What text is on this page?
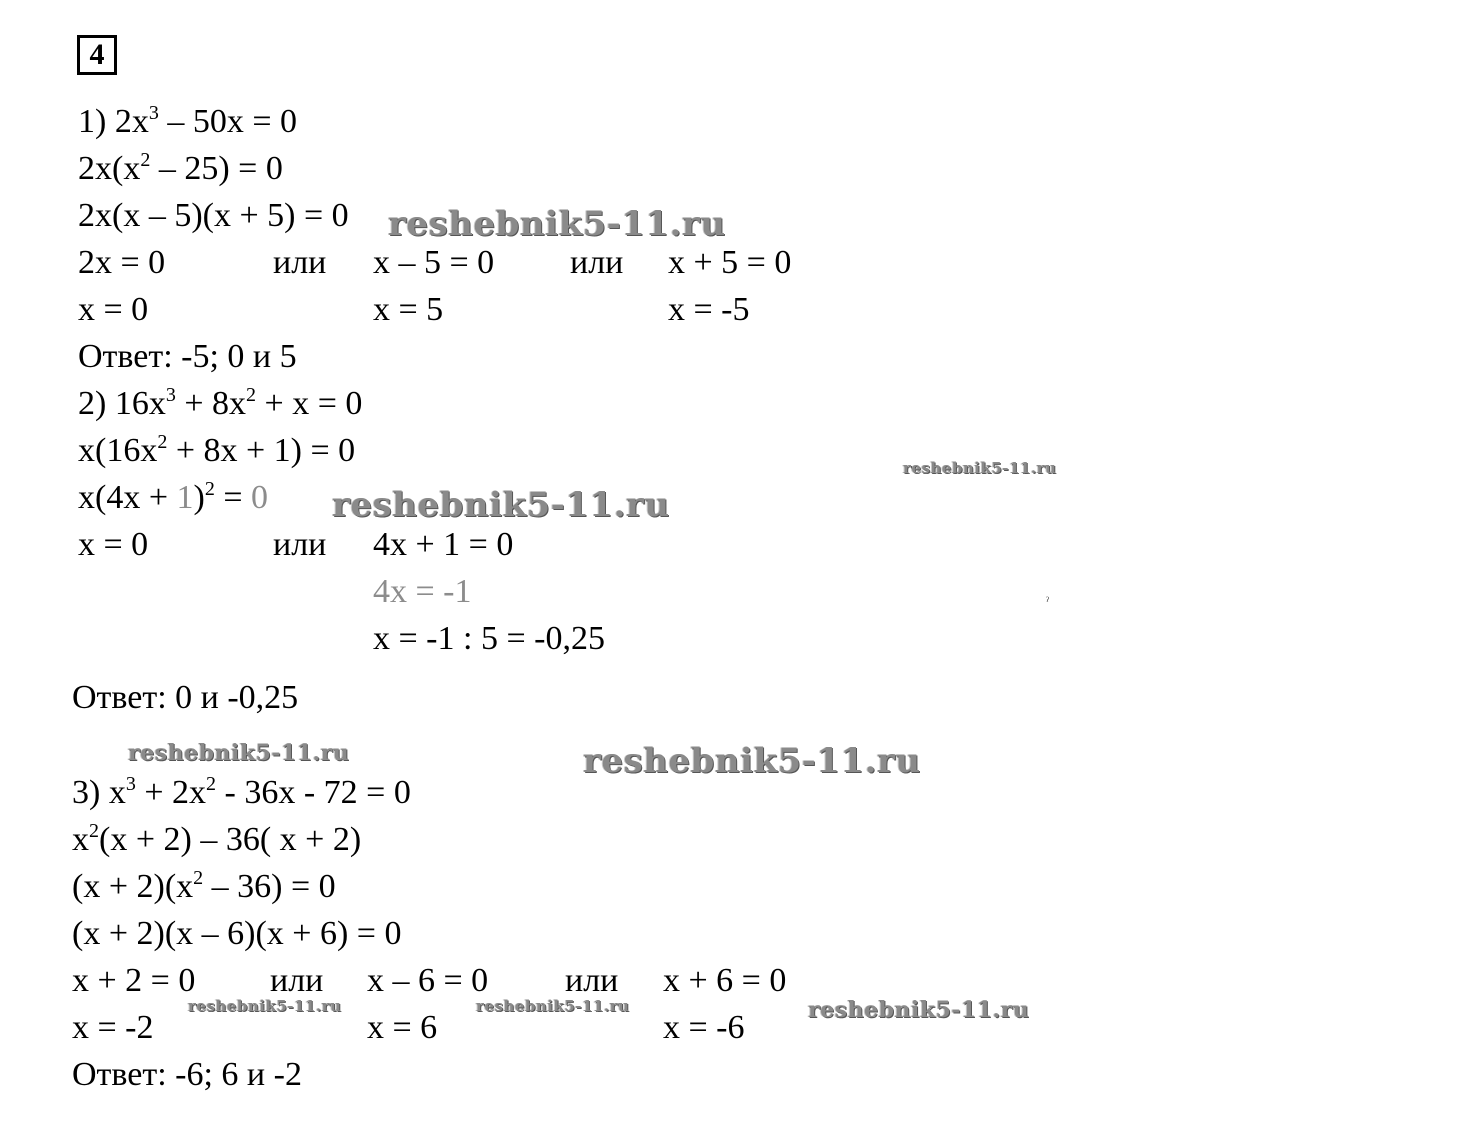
4
1) $2x^3 - 50x = 0$
$2x(x^2 - 25) = 0$
2x(x – 5)(x + 5) = 0
2x = 0	или x – 5 = 0 или x + 5 = 0
x = 0	x = 5	x = -5
Ответ: -5; 0 и 5
2) $16x^3 + 8x^2 + x = 0$
$x(16x^2 + 8x + 1) = 0$
$x(4x + 1)^2 = 0$
x = 0	или 4x + 1 = 0
4x = -1
x = -1 : 5 = -0,25
Ответ: 0 и -0,25
3) $x^3 + 2x^2 - 36x - 72 = 0$
$x^2(x + 2) - 36$( x + 2)
$(x + 2)(x^2 - 36) = 0$
(x + 2)(x – 6)(x + 6) = 0
x + 2 = 0 или x – 6 = 0 или x + 6 = 0
x = -2	x = 6	x = -6
Ответ: -6; 6 и -2
reshebnik5-11.ru
reshebnik5-11.ru
reshebnik5-11.ru
reshebnik5-11.ru	reshebnik5-11.ru
reshebnik5-11.ru	reshebnik5-11.ru	reshebnik5-11.ru
ˀ
